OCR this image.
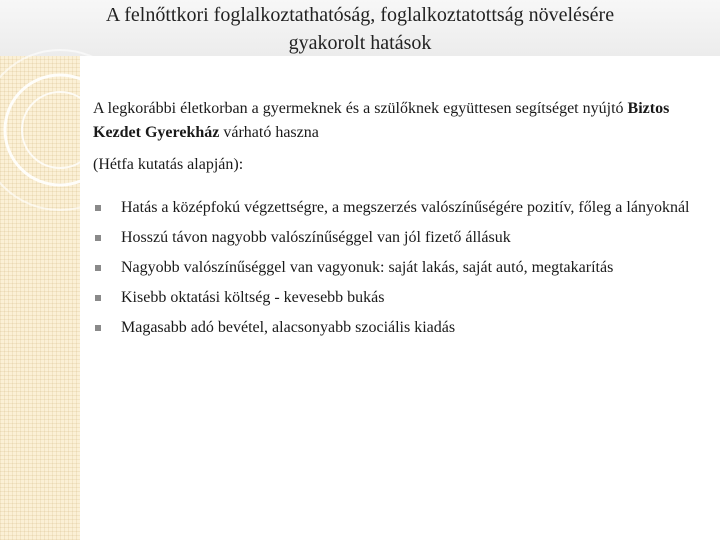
A felnőttkori foglalkoztathatóság, foglalkoztatottság növelésére
gyakorolt hatások

A legkorábbi életkorban a gyermeknek és a szülőknek együttesen segítséget nyújtó Biztos Kezdet Gyerekház várható haszna

(Hétfa kutatás alapján):

Hatás a középfokú végzettségre, a megszerzés valószínűségére pozitív, főleg a lányoknál
Hosszú távon nagyobb valószínűséggel van jól fizető állásuk
Nagyobb valószínűséggel van vagyonuk: saját lakás, saját autó, megtakarítás
Kisebb oktatási költség - kevesebb bukás
Magasabb adó bevétel, alacsonyabb szociális kiadás
